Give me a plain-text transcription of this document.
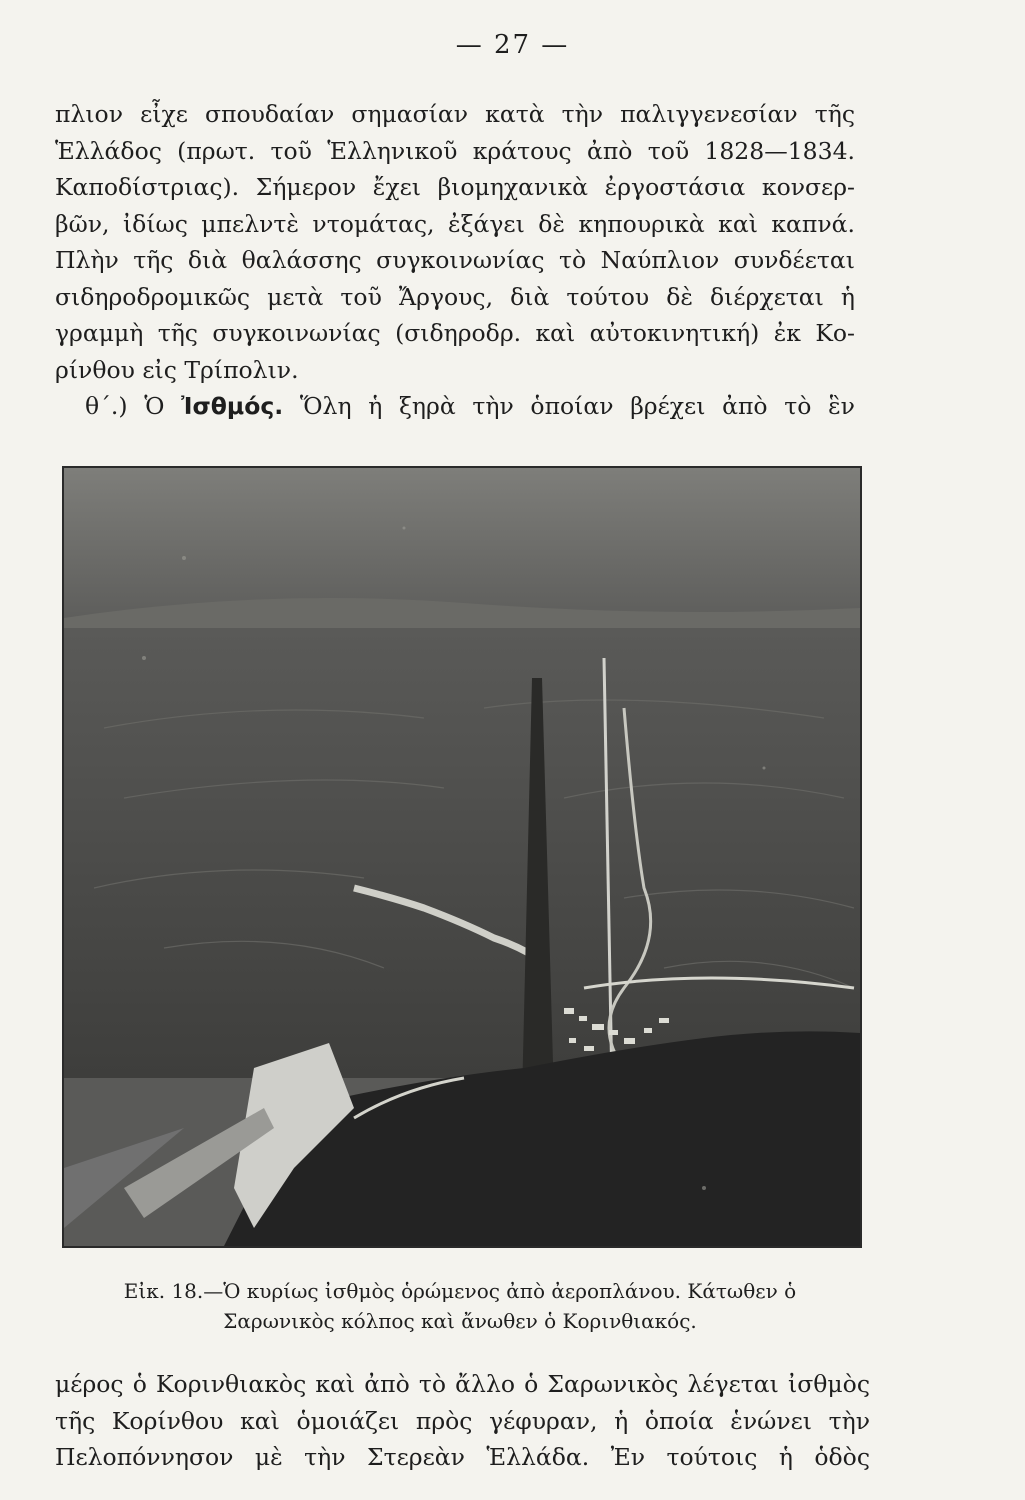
— 27 —
πλιον εἶχε σπουδαίαν σημασίαν κατὰ τὴν παλιγγενεσίαν τῆς
Ἑλλάδος (πρωτ. τοῦ Ἑλληνικοῦ κράτους ἀπὸ τοῦ 1828—1834.
Καποδίστριας). Σήμερον ἔχει βιομηχανικὰ ἐργοστάσια κονσερ-
βῶν, ἰδίως μπελντὲ ντομάτας, ἐξάγει δὲ κηπουρικὰ καὶ καπνά.
Πλὴν τῆς διὰ θαλάσσης συγκοινωνίας τὸ Ναύπλιον συνδέεται
σιδηροδρομικῶς μετὰ τοῦ Ἄργους, διὰ τούτου δὲ διέρχεται ἡ
γραμμὴ τῆς συγκοινωνίας (σιδηροδρ. καὶ αὐτοκινητική) ἐκ Κο-
ρίνθου εἰς Τρίπολιν.
θ΄.) Ὁ Ἰσθμός. Ὅλη ἡ ξηρὰ τὴν ὁποίαν βρέχει ἀπὸ τὸ ἓν
Εἰκ. 18.—Ὁ κυρίως ἰσθμὸς ὁρώμενος ἀπὸ ἀεροπλάνου. Κάτωθεν ὁ
Σαρωνικὸς κόλπος καὶ ἄνωθεν ὁ Κορινθιακός.
μέρος ὁ Κορινθιακὸς καὶ ἀπὸ τὸ ἄλλο ὁ Σαρωνικὸς λέγεται ἰσθμὸς
τῆς Κορίνθου καὶ ὁμοιάζει πρὸς γέφυραν, ἡ ὁποία ἑνώνει τὴν
Πελοπόννησον μὲ τὴν Στερεὰν Ἑλλάδα. Ἐν τούτοις ἡ ὁδὸς
